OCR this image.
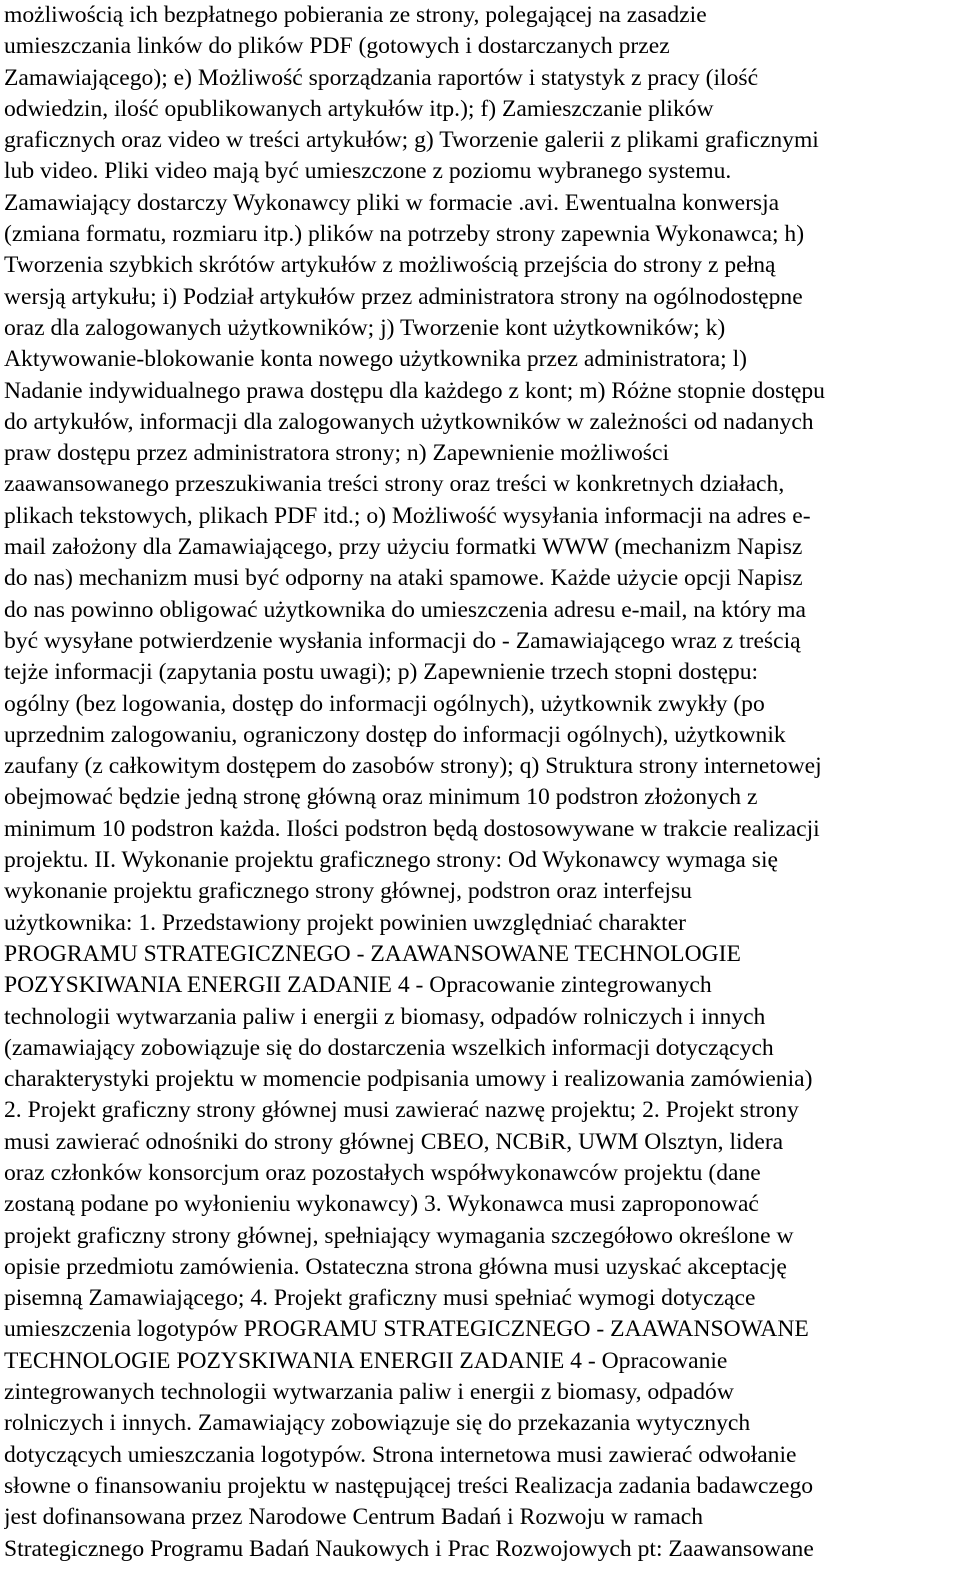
możliwością ich bezpłatnego pobierania ze strony, polegającej na zasadzie
umieszczania linków do plików PDF (gotowych i dostarczanych przez
Zamawiającego); e) Możliwość sporządzania raportów i statystyk z pracy (ilość
odwiedzin, ilość opublikowanych artykułów itp.); f) Zamieszczanie plików
graficznych oraz video w treści artykułów; g) Tworzenie galerii z plikami graficznymi
lub video. Pliki video mają być umieszczone z poziomu wybranego systemu.
Zamawiający dostarczy Wykonawcy pliki w formacie .avi. Ewentualna konwersja
(zmiana formatu, rozmiaru itp.) plików na potrzeby strony zapewnia Wykonawca; h)
Tworzenia szybkich skrótów artykułów z możliwością przejścia do strony z pełną
wersją artykułu; i) Podział artykułów przez administratora strony na ogólnodostępne
oraz dla zalogowanych użytkowników; j) Tworzenie kont użytkowników; k)
Aktywowanie-blokowanie konta nowego użytkownika przez administratora; l)
Nadanie indywidualnego prawa dostępu dla każdego z kont; m) Różne stopnie dostępu
do artykułów, informacji dla zalogowanych użytkowników w zależności od nadanych
praw dostępu przez administratora strony; n) Zapewnienie możliwości
zaawansowanego przeszukiwania treści strony oraz treści w konkretnych działach,
plikach tekstowych, plikach PDF itd.; o) Możliwość wysyłania informacji na adres e-
mail założony dla Zamawiającego, przy użyciu formatki WWW (mechanizm Napisz
do nas) mechanizm musi być odporny na ataki spamowe. Każde użycie opcji Napisz
do nas powinno obligować użytkownika do umieszczenia adresu e-mail, na który ma
być wysyłane potwierdzenie wysłania informacji do - Zamawiającego wraz z treścią
tejże informacji (zapytania postu uwagi); p) Zapewnienie trzech stopni dostępu:
ogólny (bez logowania, dostęp do informacji ogólnych), użytkownik zwykły (po
uprzednim zalogowaniu, ograniczony dostęp do informacji ogólnych), użytkownik
zaufany (z całkowitym dostępem do zasobów strony); q) Struktura strony internetowej
obejmować będzie jedną stronę główną oraz minimum 10 podstron złożonych z
minimum 10 podstron każda. Ilości podstron będą dostosowywane w trakcie realizacji
projektu. II. Wykonanie projektu graficznego strony: Od Wykonawcy wymaga się
wykonanie projektu graficznego strony głównej, podstron oraz interfejsu
użytkownika: 1. Przedstawiony projekt powinien uwzględniać charakter
PROGRAMU STRATEGICZNEGO - ZAAWANSOWANE TECHNOLOGIE
POZYSKIWANIA ENERGII ZADANIE 4 - Opracowanie zintegrowanych
technologii wytwarzania paliw i energii z biomasy, odpadów rolniczych i innych
(zamawiający zobowiązuje się do dostarczenia wszelkich informacji dotyczących
charakterystyki projektu w momencie podpisania umowy i realizowania zamówienia)
2. Projekt graficzny strony głównej musi zawierać nazwę projektu; 2. Projekt strony
musi zawierać odnośniki do strony głównej CBEO, NCBiR, UWM Olsztyn, lidera
oraz członków konsorcjum oraz pozostałych współwykonawców projektu (dane
zostaną podane po wyłonieniu wykonawcy) 3. Wykonawca musi zaproponować
projekt graficzny strony głównej, spełniający wymagania szczegółowo określone w
opisie przedmiotu zamówienia. Ostateczna strona główna musi uzyskać akceptację
pisemną Zamawiającego; 4. Projekt graficzny musi spełniać wymogi dotyczące
umieszczenia logotypów PROGRAMU STRATEGICZNEGO - ZAAWANSOWANE
TECHNOLOGIE POZYSKIWANIA ENERGII ZADANIE 4 - Opracowanie
zintegrowanych technologii wytwarzania paliw i energii z biomasy, odpadów
rolniczych i innych. Zamawiający zobowiązuje się do przekazania wytycznych
dotyczących umieszczania logotypów. Strona internetowa musi zawierać odwołanie
słowne o finansowaniu projektu w następującej treści Realizacja zadania badawczego
jest dofinansowana przez Narodowe Centrum Badań i Rozwoju w ramach
Strategicznego Programu Badań Naukowych i Prac Rozwojowych pt: Zaawansowane
